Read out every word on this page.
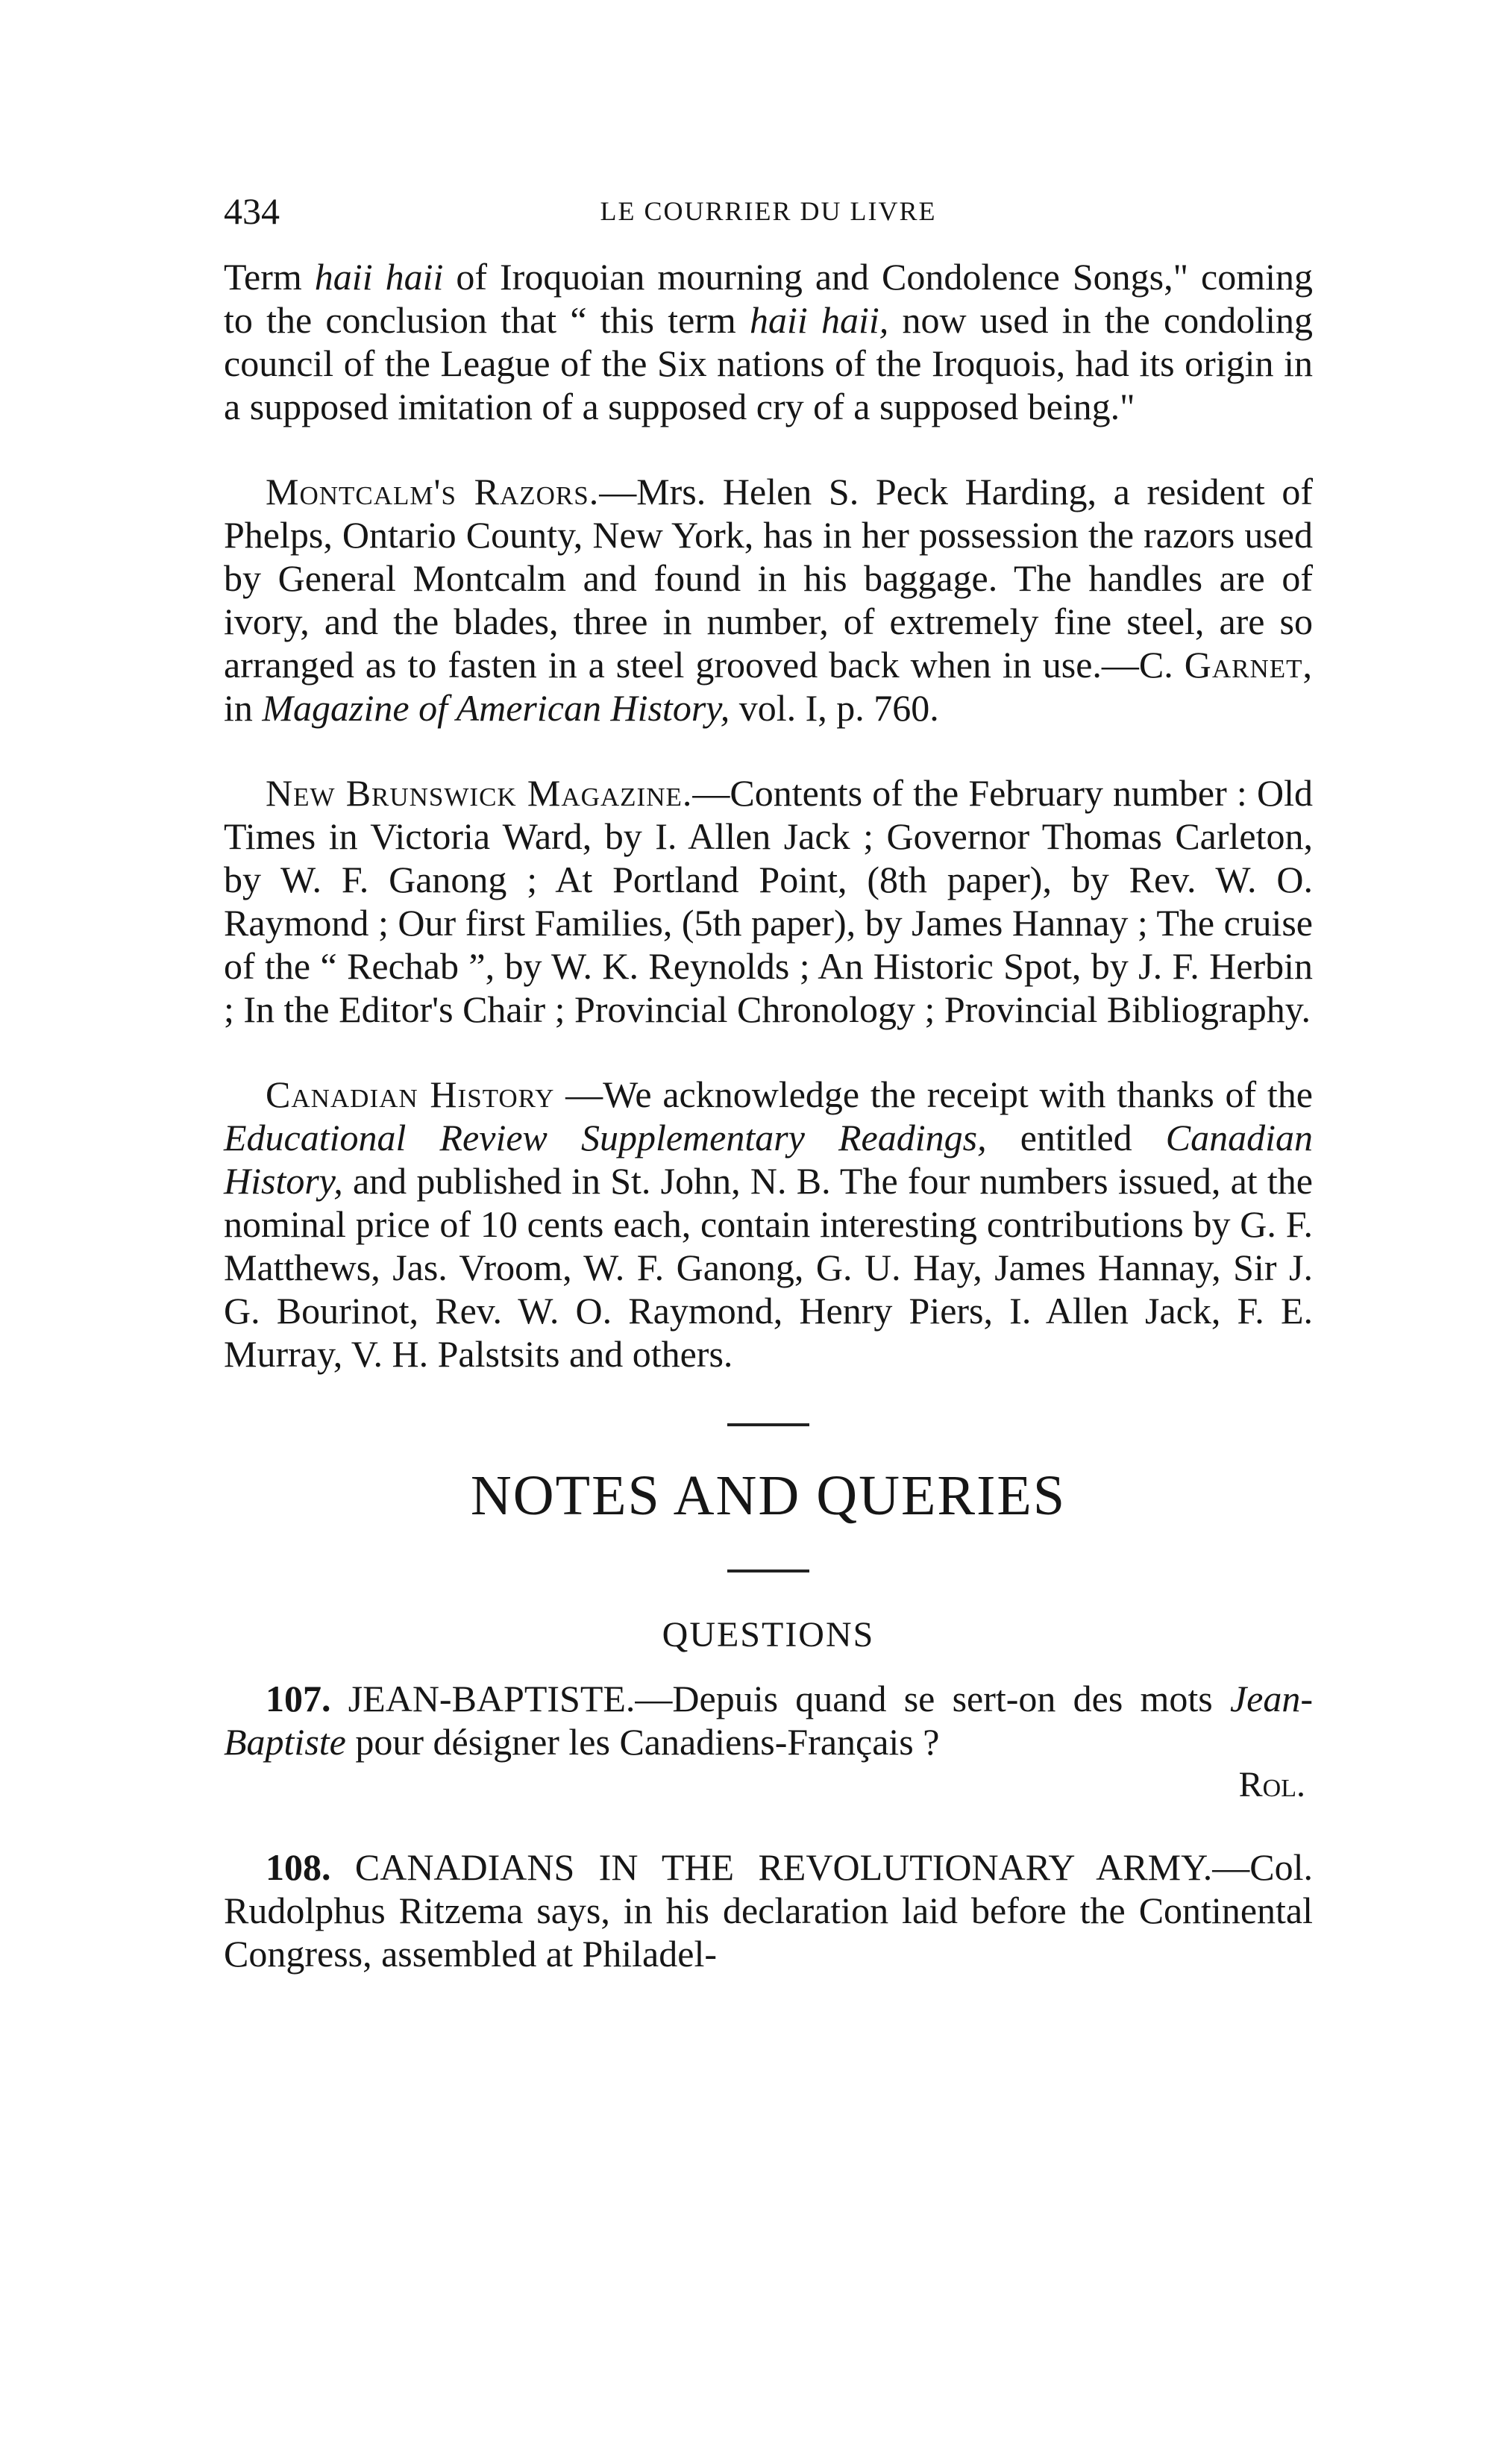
434	LE COURRIER DU LIVRE

Term haii haii of Iroquoian mourning and Condolence Songs," coming to the conclusion that “ this term haii haii, now used in the condoling council of the League of the Six nations of the Iroquois, had its origin in a supposed imitation of a supposed cry of a supposed being."

Montcalm's Razors.—Mrs. Helen S. Peck Harding, a resident of Phelps, Ontario County, New York, has in her possession the razors used by General Montcalm and found in his baggage. The handles are of ivory, and the blades, three in number, of extremely fine steel, are so arranged as to fasten in a steel grooved back when in use.—C. Garnet, in Magazine of American History, vol. I, p. 760.

New Brunswick Magazine.—Contents of the February number : Old Times in Victoria Ward, by I. Allen Jack ; Governor Thomas Carleton, by W. F. Ganong ; At Portland Point, (8th paper), by Rev. W. O. Raymond ; Our first Families, (5th paper), by James Hannay ; The cruise of the “ Rechab ”, by W. K. Reynolds ; An Historic Spot, by J. F. Herbin ; In the Editor's Chair ; Provincial Chronology ; Provincial Bibliography.

Canadian History —We acknowledge the receipt with thanks of the Educational Review Supplementary Readings, entitled Canadian History, and published in St. John, N. B. The four numbers issued, at the nominal price of 10 cents each, contain interesting contributions by G. F. Matthews, Jas. Vroom, W. F. Ganong, G. U. Hay, James Hannay, Sir J. G. Bourinot, Rev. W. O. Raymond, Henry Piers, I. Allen Jack, F. E. Murray, V. H. Palstsits and others.

NOTES AND QUERIES
QUESTIONS

107. JEAN-BAPTISTE.—Depuis quand se sert-on des mots Jean-Baptiste pour désigner les Canadiens-Français ?

Rol.

108. CANADIANS IN THE REVOLUTIONARY ARMY.—Col. Rudolphus Ritzema says, in his declaration laid before the Continental Congress, assembled at Philadel-
